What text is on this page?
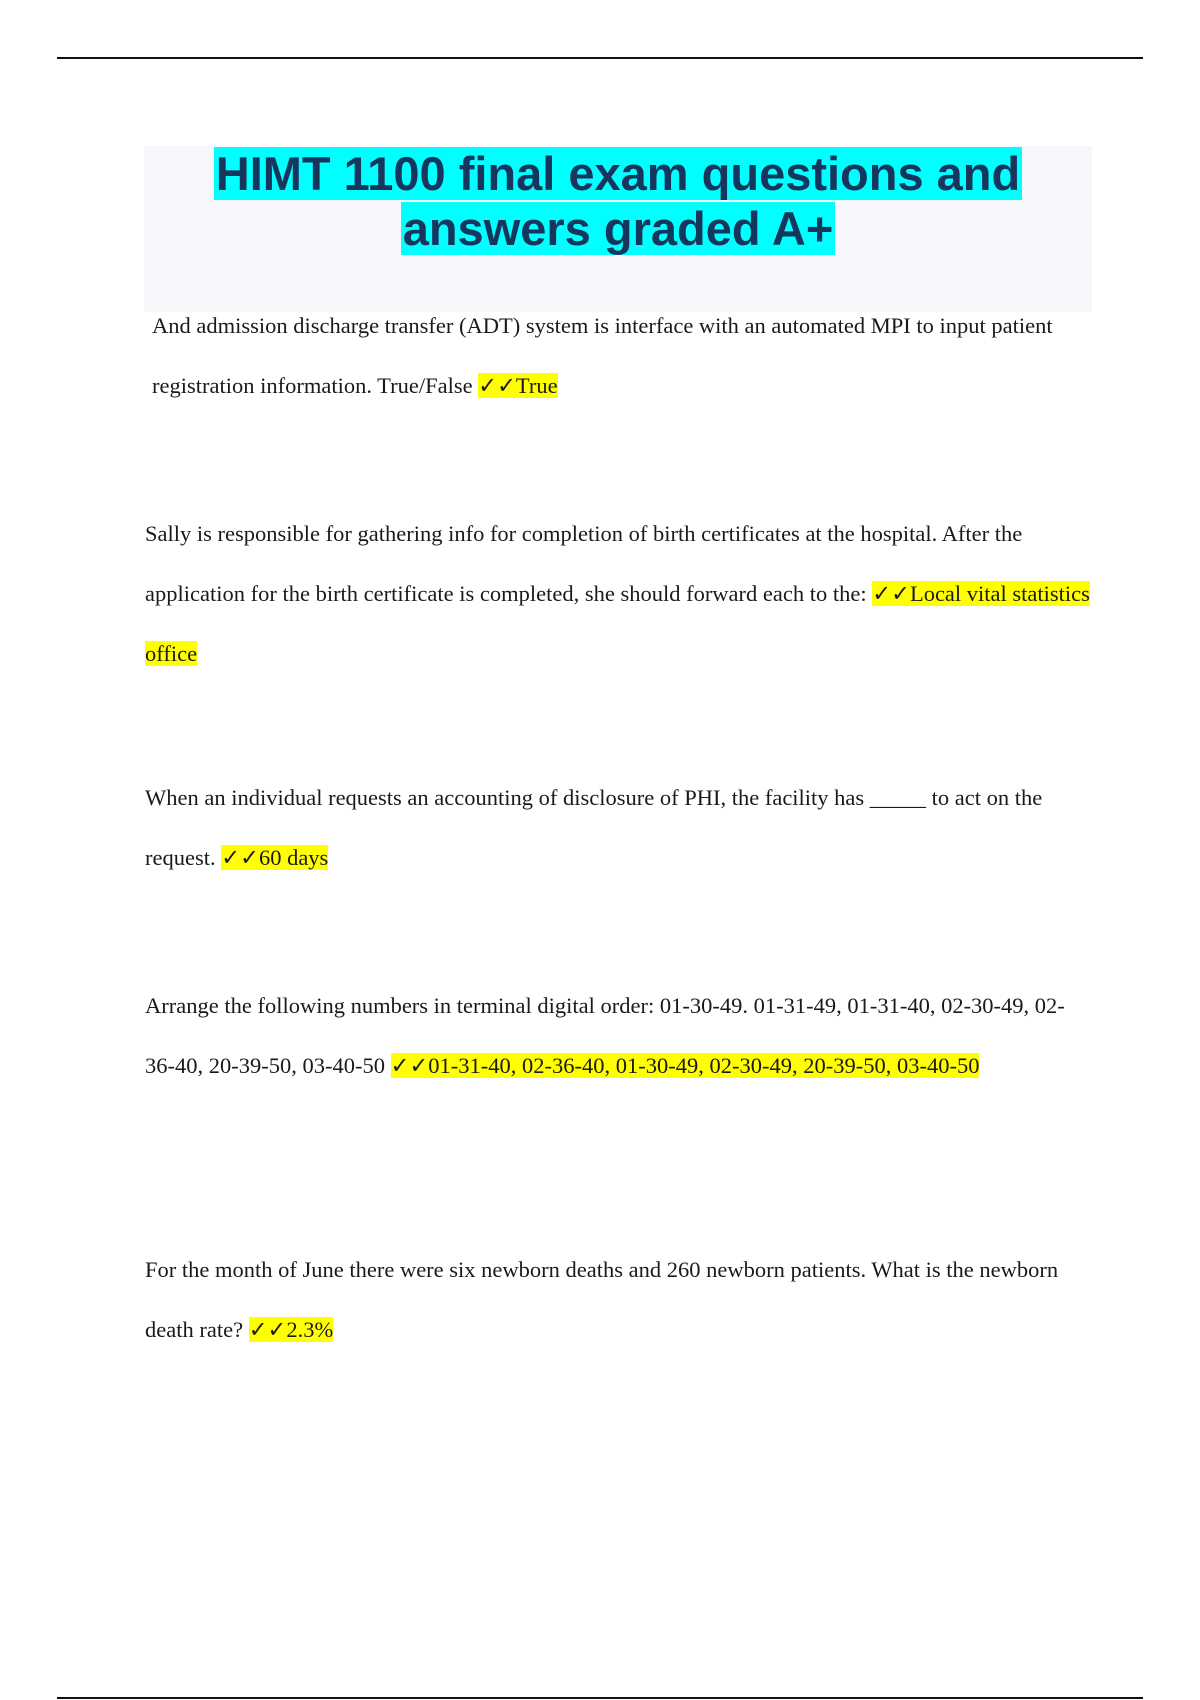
HIMT 1100 final exam questions and
answers graded A+

And admission discharge transfer (ADT) system is interface with an automated MPI to input patient registration information. True/False ✓✓True

Sally is responsible for gathering info for completion of birth certificates at the hospital. After the application for the birth certificate is completed, she should forward each to the: ✓✓Local vital statistics office

When an individual requests an accounting of disclosure of PHI, the facility has _____ to act on the request. ✓✓60 days

Arrange the following numbers in terminal digital order: 01-30-49. 01-31-49, 01-31-40, 02-30-49, 02-36-40, 20-39-50, 03-40-50 ✓✓01-31-40, 02-36-40, 01-30-49, 02-30-49, 20-39-50, 03-40-50

For the month of June there were six newborn deaths and 260 newborn patients. What is the newborn death rate? ✓✓2.3%
